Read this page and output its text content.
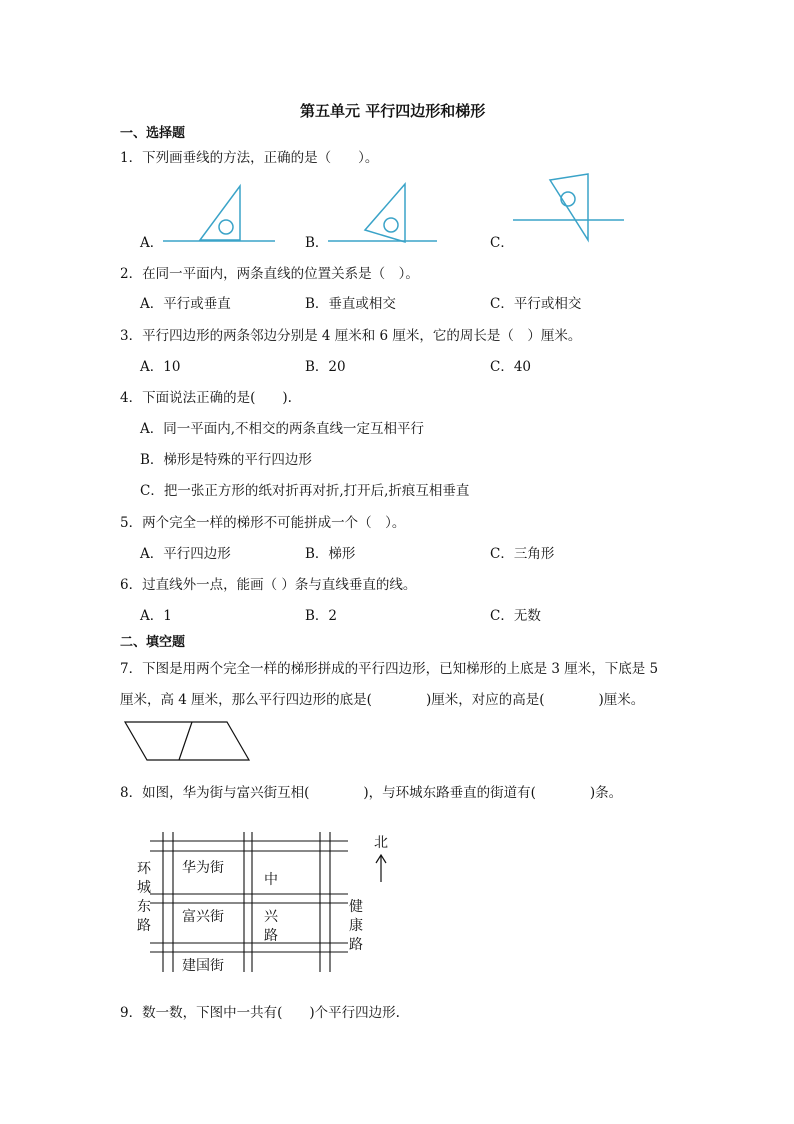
第五单元 平行四边形和梯形
一、选择题
1．下列画垂线的方法，正确的是（　　）。
A．	B．	C．
2．在同一平面内，两条直线的位置关系是（　）。
A．平行或垂直	B．垂直或相交	C．平行或相交
3．平行四边形的两条邻边分别是 4 厘米和 6 厘米，它的周长是（　）厘米。
A．10	B．20	C．40
4．下面说法正确的是(　　).
A．同一平面内,不相交的两条直线一定互相平行
B．梯形是特殊的平行四边形
C．把一张正方形的纸对折再对折,打开后,折痕互相垂直
5．两个完全一样的梯形不可能拼成一个（　）。
A．平行四边形	B．梯形	C．三角形
6．过直线外一点，能画（ ）条与直线垂直的线。
A．1	B．2	C．无数
二、填空题
7．下图是用两个完全一样的梯形拼成的平行四边形，已知梯形的上底是 3 厘米，下底是 5
厘米，高 4 厘米，那么平行四边形的底是(　　　　)厘米，对应的高是(　　　　)厘米。
8．如图，华为街与富兴街互相(　　　　)，与环城东路垂直的街道有(　　　　)条。
华为街
中
富兴街	兴
路
建国街
环
城
东
路
健
康
路
北
9．数一数，下图中一共有(　　)个平行四边形.
